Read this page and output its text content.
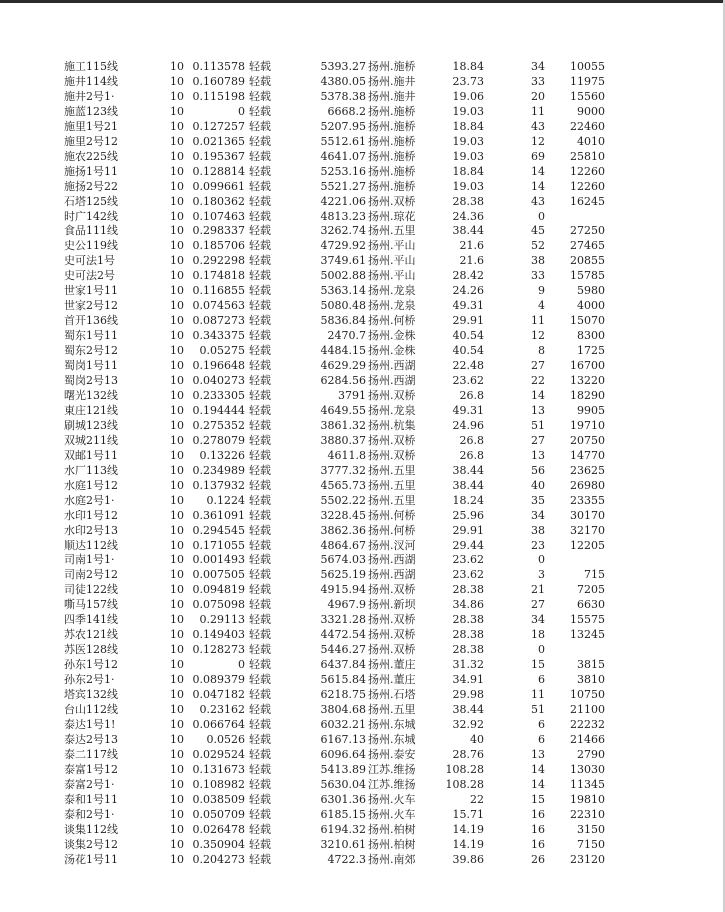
施工115线	10 0.113578 轻载	5393.27 扬州.施桥	18.84	34	10055
施井114线	10 0.160789 轻载	4380.05 扬州.施井	23.73	33	11975
施井2号1·	10 0.115198 轻载	5378.38 扬州.施井	19.06	20	15560
施蓝123线	10	0 轻载	6668.2 扬州.施桥	19.03	11	9000
施里1号21	10 0.127257 轻载	5207.95 扬州.施桥	18.84	43	22460
施里2号12	10 0.021365 轻载	5512.61 扬州.施桥	19.03	12	4010
施农225线	10 0.195367 轻载	4641.07 扬州.施桥	19.03	69	25810
施扬1号11	10 0.128814 轻载	5253.16 扬州.施桥	18.84	14	12260
施扬2号22	10 0.099661 轻载	5521.27 扬州.施桥	19.03	14	12260
石塔125线	10 0.180362 轻载	4221.06 扬州.双桥	28.38	43	16245
时广142线	10 0.107463 轻载	4813.23 扬州.琼花	24.36	0
食品111线	10 0.298337 轻载	3262.74 扬州.五里	38.44	45	27250
史公119线	10 0.185706 轻载	4729.92 扬州.平山	21.6	52	27465
史可法1号	10 0.292298 轻载	3749.61 扬州.平山	21.6	38	20855
史可法2号	10 0.174818 轻载	5002.88 扬州.平山	28.42	33	15785
世家1号11	10 0.116855 轻载	5363.14 扬州.龙泉	24.26	9	5980
世家2号12	10 0.074563 轻载	5080.48 扬州.龙泉	49.31	4	4000
首开136线	10 0.087273 轻载	5836.84 扬州.何桥	29.91	11	15070
蜀东1号11	10 0.343375 轻载	2470.7 扬州.金株	40.54	12	8300
蜀东2号12	10	0.05275 轻载	4484.15 扬州.金株	40.54	8	1725
蜀岗1号11	10 0.196648 轻载	4629.29 扬州.西湖	22.48	27	16700
蜀岗2号13	10 0.040273 轻载	6284.56 扬州.西湖	23.62	22	13220
曙光132线	10 0.233305 轻载	3791 扬州.双桥	26.8	14	18290
東庄121线	10 0.194444 轻载	4649.55 扬州.龙泉	49.31	13	9905
刷城123线	10 0.275352 轻载	3861.32 扬州.杭集	24.96	51	19710
双城211线	10 0.278079 轻载	3880.37 扬州.双桥	26.8	27	20750
双邮1号11	10	0.13226 轻载	4611.8 扬州.双桥	26.8	13	14770
水厂113线	10 0.234989 轻载	3777.32 扬州.五里	38.44	56	23625
水庭1号12	10 0.137932 轻载	4565.73 扬州.五里	38.44	40	26980
水庭2号1·	10	0.1224 轻载	5502.22 扬州.五里	18.24	35	23355
水印1号12	10 0.361091 轻载	3228.45 扬州.何桥	25.96	34	30170
水印2号13	10 0.294545 轻载	3862.36 扬州.何桥	29.91	38	32170
顺达112线	10 0.171055 轻载	4864.67 扬州.汊河	29.44	23	12205
司南1号1·	10 0.001493 轻载	5674.03 扬州.西湖	23.62	0
司南2号12	10 0.007505 轻载	5625.19 扬州.西湖	23.62	3	715
司徒122线	10 0.094819 轻载	4915.94 扬州.双桥	28.38	21	7205
嘶马157线	10 0.075098 轻载	4967.9 扬州.新坝	34.86	27	6630
四季141线	10	0.29113 轻载	3321.28 扬州.双桥	28.38	34	15575
苏农121线	10 0.149403 轻载	4472.54 扬州.双桥	28.38	18	13245
苏医128线	10 0.128273 轻载	5446.27 扬州.双桥	28.38	0
孙东1号12	10	0 轻载	6437.84 扬州.董庄	31.32	15	3815
孙东2号1·	10 0.089379 轻载	5615.84 扬州.董庄	34.91	6	3810
塔宾132线	10 0.047182 轻载	6218.75 扬州.石塔	29.98	11	10750
台山112线	10	0.23162 轻载	3804.68 扬州.五里	38.44	51	21100
泰达1号1!	10 0.066764 轻载	6032.21 扬州.东城	32.92	6	22232
泰达2号13	10	0.0526 轻载	6167.13 扬州.东城	40	6	21466
泰二117线	10 0.029524 轻载	6096.64 扬州.泰安	28.76	13	2790
泰富1号12	10 0.131673 轻载	5413.89 江苏.维扬	108.28	14	13030
泰富2号1·	10 0.108982 轻载	5630.04 江苏.维扬	108.28	14	11345
泰和1号11	10 0.038509 轻载	6301.36 扬州.火车	22	15	19810
泰和2号1·	10 0.050709 轻载	6185.15 扬州.火车	15.71	16	22310
谈集112线	10 0.026478 轻载	6194.32 扬州.柏树	14.19	16	3150
谈集2号12	10 0.350904 轻载	3210.61 扬州.柏树	14.19	16	7150
汤花1号11	10 0.204273 轻载	4722.3 扬州.南郊	39.86	26	23120
